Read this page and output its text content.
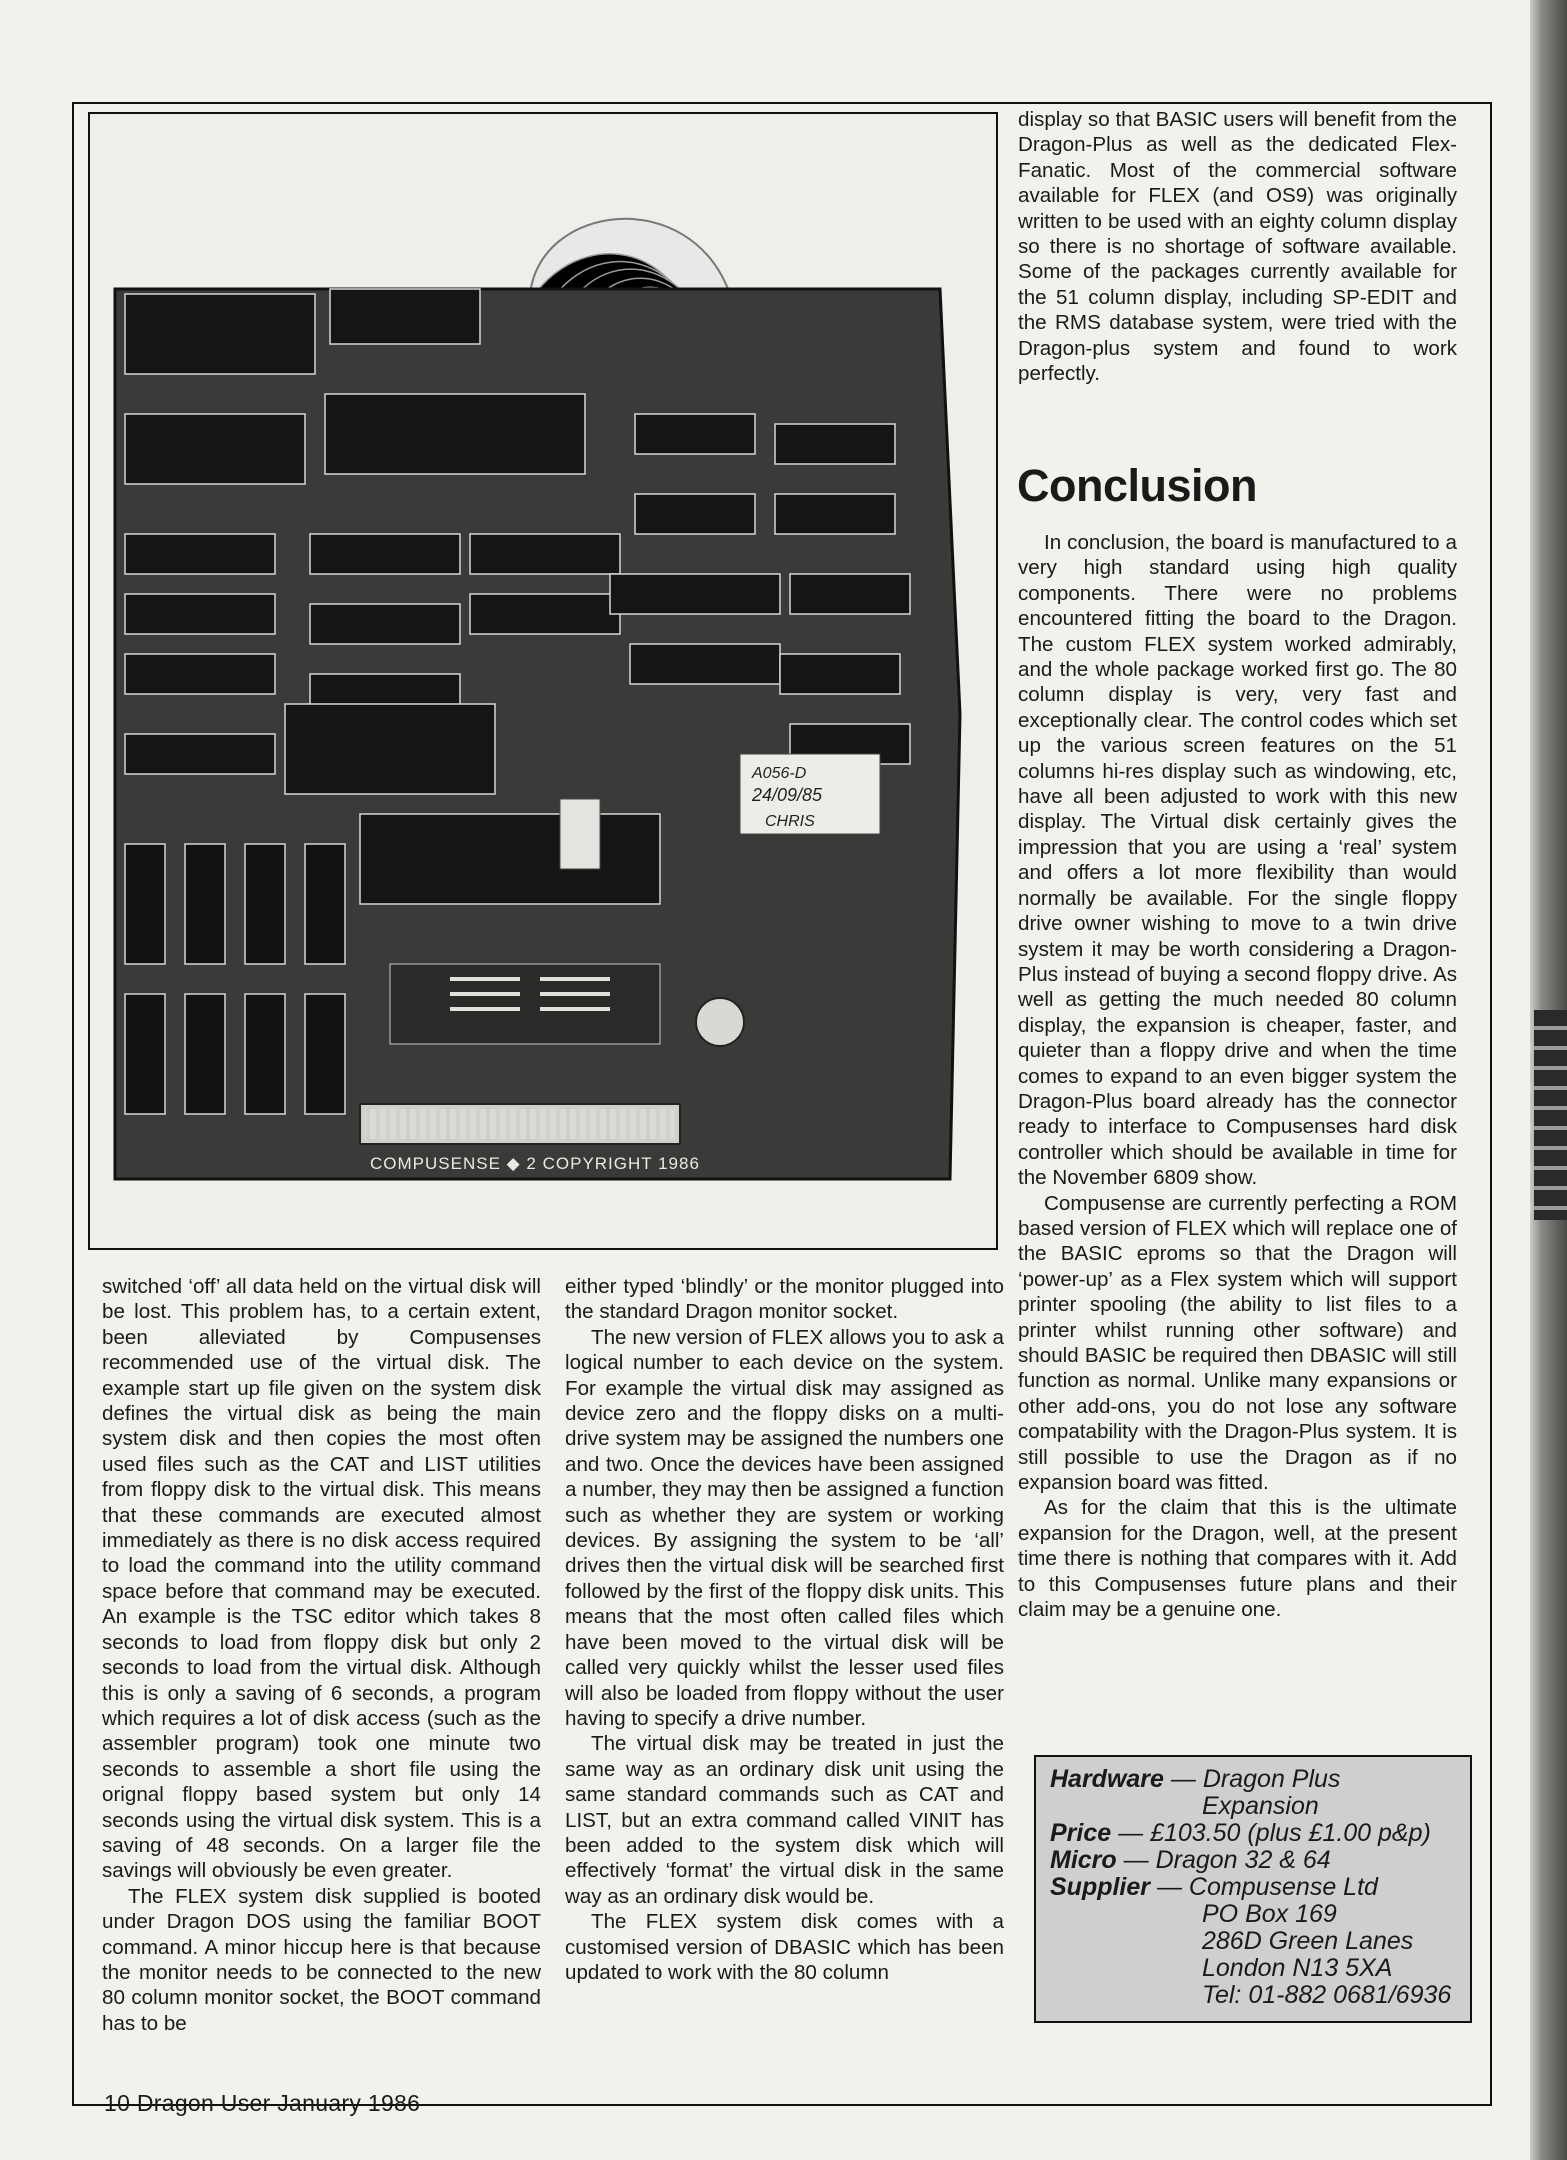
COMPUSENSE ◆ 2 COPYRIGHT 1986
A056-D
24/09/85
CHRIS

switched ‘off’ all data held on the virtual disk will be lost. This problem has, to a certain extent, been alleviated by Compusenses recommended use of the virtual disk. The example start up file given on the system disk defines the virtual disk as being the main system disk and then copies the most often used files such as the CAT and LIST utilities from floppy disk to the virtual disk. This means that these commands are executed almost immediately as there is no disk access required to load the command into the utility command space before that command may be executed. An example is the TSC editor which takes 8 seconds to load from floppy disk but only 2 seconds to load from the virtual disk. Although this is only a saving of 6 seconds, a program which requires a lot of disk access (such as the assembler program) took one minute two seconds to assemble a short file using the orignal floppy based system but only 14 seconds using the virtual disk system. This is a saving of 48 seconds. On a larger file the savings will obviously be even greater.

The FLEX system disk supplied is booted under Dragon DOS using the familiar BOOT command. A minor hiccup here is that because the monitor needs to be connected to the new 80 column monitor socket, the BOOT command has to be

either typed ‘blindly’ or the monitor plugged into the standard Dragon monitor socket.

The new version of FLEX allows you to ask a logical number to each device on the system. For example the virtual disk may assigned as device zero and the floppy disks on a multi-drive system may be assigned the numbers one and two. Once the devices have been assigned a number, they may then be assigned a function such as whether they are system or working devices. By assigning the system to be ‘all’ drives then the virtual disk will be searched first followed by the first of the floppy disk units. This means that the most often called files which have been moved to the virtual disk will be called very quickly whilst the lesser used files will also be loaded from floppy without the user having to specify a drive number.

The virtual disk may be treated in just the same way as an ordinary disk unit using the same standard commands such as CAT and LIST, but an extra command called VINIT has been added to the system disk which will effectively ‘format’ the virtual disk in the same way as an ordinary disk would be.

The FLEX system disk comes with a customised version of DBASIC which has been updated to work with the 80 column

display so that BASIC users will benefit from the Dragon-Plus as well as the dedicated Flex-Fanatic. Most of the commercial software available for FLEX (and OS9) was originally written to be used with an eighty column display so there is no shortage of software available. Some of the packages currently available for the 51 column display, including SP-EDIT and the RMS database system, were tried with the Dragon-plus system and found to work perfectly.

Conclusion

In conclusion, the board is manufactured to a very high standard using high quality components. There were no problems encountered fitting the board to the Dragon. The custom FLEX system worked admirably, and the whole package worked first go. The 80 column display is very, very fast and exceptionally clear. The control codes which set up the various screen features on the 51 columns hi-res display such as windowing, etc, have all been adjusted to work with this new display. The Virtual disk certainly gives the impression that you are using a ‘real’ system and offers a lot more flexibility than would normally be available. For the single floppy drive owner wishing to move to a twin drive system it may be worth considering a Dragon-Plus instead of buying a second floppy drive. As well as getting the much needed 80 column display, the expansion is cheaper, faster, and quieter than a floppy drive and when the time comes to expand to an even bigger system the Dragon-Plus board already has the connector ready to interface to Compusenses hard disk controller which should be available in time for the November 6809 show.

Compusense are currently perfecting a ROM based version of FLEX which will replace one of the BASIC eproms so that the Dragon will ‘power-up’ as a Flex system which will support printer spooling (the ability to list files to a printer whilst running other software) and should BASIC be required then DBASIC will still function as normal. Unlike many expansions or other add-ons, you do not lose any software compatability with the Dragon-Plus system. It is still possible to use the Dragon as if no expansion board was fitted.

As for the claim that this is the ultimate expansion for the Dragon, well, at the present time there is nothing that compares with it. Add to this Compusenses future plans and their claim may be a genuine one.

Hardware
—
Dragon Plus
Expansion
Price
—
£103.50 (plus £1.00 p&p)
Micro
—
Dragon 32 & 64
Supplier
—
Compusense Ltd
PO Box 169
286D Green Lanes
London N13 5XA
Tel: 01-882 0681/6936
10 Dragon User January 1986
